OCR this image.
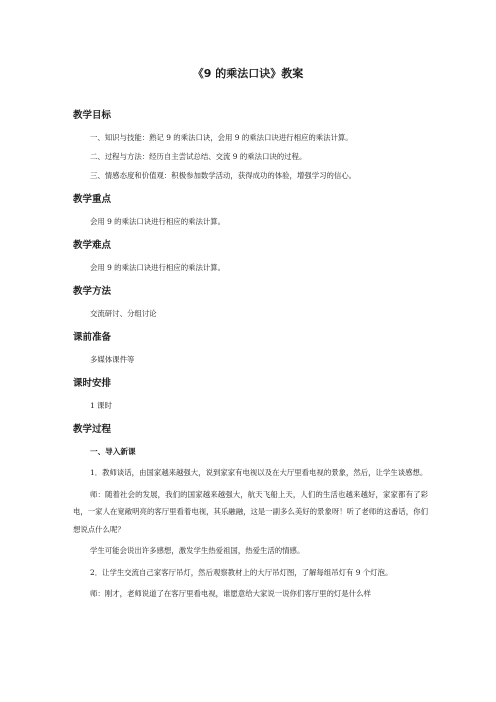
《9 的乘法口诀》教案
教学目标
一、知识与技能：熟记 9 的乘法口诀，会用 9 的乘法口诀进行相应的乘法计算。
二、过程与方法：经历自主尝试总结、交流 9 的乘法口诀的过程。
三、情感态度和价值观：积极参加数学活动，获得成功的体验，增强学习的信心。
教学重点
会用 9 的乘法口诀进行相应的乘法计算。
教学难点
会用 9 的乘法口诀进行相应的乘法计算。
教学方法
交流研讨、分组讨论
课前准备
多媒体课件等
课时安排
1 课时
教学过程
一、导入新课
1．教师谈话，由国家越来越强大，说到家家有电视以及在大厅里看电视的景象，然后，让学生谈感想。
师：随着社会的发展，我们的国家越来越强大，航天飞船上天，人们的生活也越来越好，家家都有了彩电，一家人在宽敞明亮的客厅里看着电视，其乐融融，这是一副多么美好的景象呀！听了老师的这番话，你们想说点什么呢？
学生可能会说出许多感想，激发学生热爱祖国，热爱生活的情感。
2．让学生交流自己家客厅吊灯，然后观察教材上的大厅吊灯图，了解每组吊灯有 9 个灯泡。
师：刚才，老师说道了在客厅里看电视，谁愿意给大家说一说你们客厅里的灯是什么样
